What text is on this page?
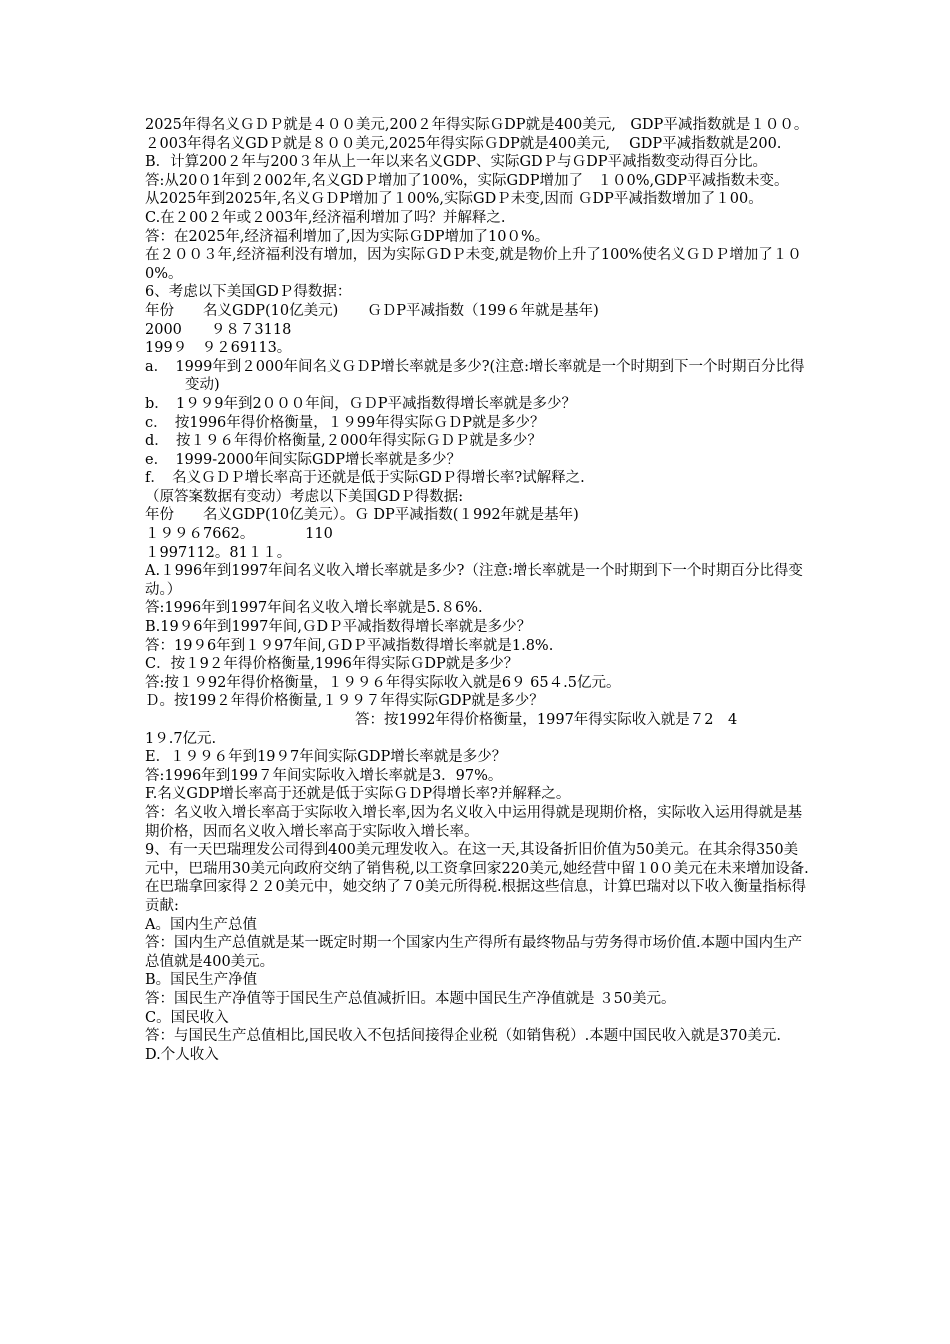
2025年得名义ＧＤＰ就是４００美元,200２年得实际ＧDP就是400美元,　GDP平减指数就是１００。

２003年得名义GDＰ就是８００美元,2025年得实际ＧDP就是400美元,　 GDP平减指数就是200.

B．计算200２年与200３年从上一年以来名义GDP、实际GDＰ与ＧDP平减指数变动得百分比。

答:从20０1年到２002年,名义GDＰ增加了100%，实际GDP增加了　１０0%,GDP平减指数未变。

从2025年到2025年,名义ＧＤP增加了１00%,实际GDＰ未变,因而 ＧDP平减指数增加了１00。

C.在２00２年或２003年,经济福利增加了吗？并解释之.

答：在2025年,经济福利增加了,因为实际ＧDP增加了10０%。

在２００３年,经济福利没有增加，因为实际ＧDＰ未变,就是物价上升了100%使名义ＧＤＰ增加了１０0%。

6、考虑以下美国GDＰ得数据：

年份　　名义GDP(10亿美元)　　ＧＤP平减指数（199６年就是基年)

2000　　９８７3118

199９　９２69113。

a．　1999年到２000年间名义ＧＤP增长率就是多少?(注意:增长率就是一个时期到下一个时期百分比得变动)

b．　1９９9年到2０００年间，ＧＤP平减指数得增长率就是多少？

c．　按1996年得价格衡量，１９99年得实际ＧＤP就是多少？

d．　按１９６年得价格衡量,２000年得实际ＧＤＰ就是多少？

e．　1999-2000年间实际GDP增长率就是多少？

f．　名义ＧＤＰ增长率高于还就是低于实际GDＰ得增长率?试解释之.

（原答案数据有变动）考虑以下美国GDＰ得数据:

年份　　名义GDP(10亿美元）。Ｇ DP平减指数(１992年就是基年)

１９９６7662。　　　　110

１997112。81１１。

A.１996年到1997年间名义收入增长率就是多少?（注意:增长率就是一个时期到下一个时期百分比得变动。）

答:1996年到1997年间名义收入增长率就是5.８6%.

B.19９6年到1997年间,ＧDＰ平减指数得增长率就是多少？

答：19９6年到１９97年间,ＧDＰ平减指数得增长率就是1.8%.

C．按１9２年得价格衡量,1996年得实际ＧDP就是多少？

答:按１９92年得价格衡量，１９９６年得实际收入就是6９ 65４.5亿元。

Ｄ。按199２年得价格衡量,１９９７年得实际GDP就是多少？

答：按1992年得价格衡量，1997年得实际收入就是７2　4

1９.7亿元.

E．１９９６年到19９7年间实际GDP增长率就是多少？

答:1996年到199７年间实际收入增长率就是3．97%。

F.名义GDP增长率高于还就是低于实际ＧＤP得增长率?并解释之。

答：名义收入增长率高于实际收入增长率,因为名义收入中运用得就是现期价格，实际收入运用得就是基期价格，因而名义收入增长率高于实际收入增长率。

9、有一天巴瑞理发公司得到400美元理发收入。在这一天,其设备折旧价值为50美元。在其余得350美元中，巴瑞用30美元向政府交纳了销售税,以工资拿回家220美元,她经营中留１0０美元在未来增加设备.在巴瑞拿回家得２２0美元中，她交纳了７0美元所得税.根据这些信息，计算巴瑞对以下收入衡量指标得贡献:

A。国内生产总值

答：国内生产总值就是某一既定时期一个国家内生产得所有最终物品与劳务得市场价值.本题中国内生产总值就是400美元。

B。国民生产净值

答：国民生产净值等于国民生产总值减折旧。本题中国民生产净值就是 ３50美元。

C。国民收入

答：与国民生产总值相比,国民收入不包括间接得企业税（如销售税）.本题中国民收入就是370美元.

D.个人收入
